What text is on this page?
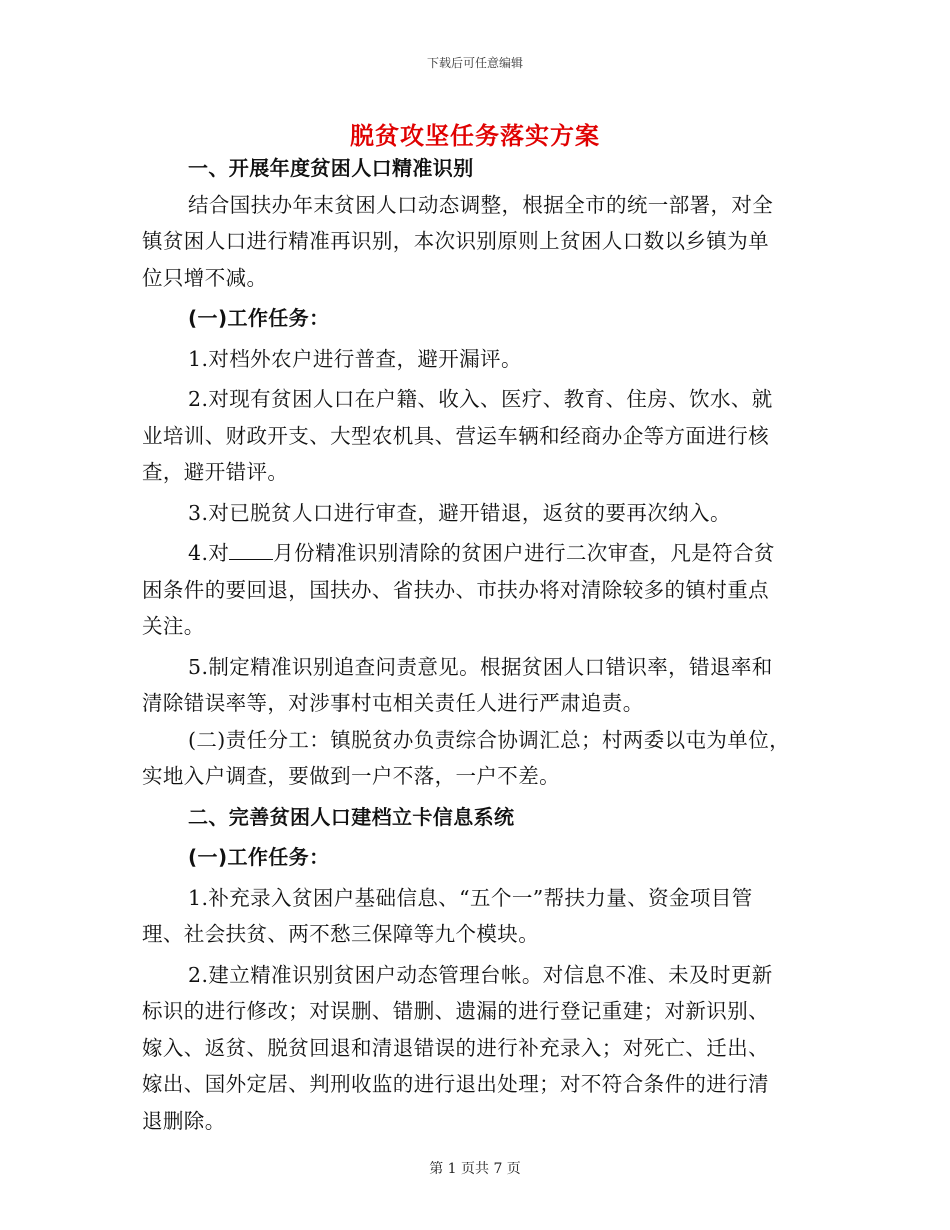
下载后可任意编辑
脱贫攻坚任务落实方案
一、开展年度贫困人口精准识别
结合国扶办年末贫困人口动态调整，根据全市的统一部署，对全
镇贫困人口进行精准再识别，本次识别原则上贫困人口数以乡镇为单
位只增不减。
(一)工作任务：
1.对档外农户进行普查，避开漏评。
2.对现有贫困人口在户籍、收入、医疗、教育、住房、饮水、就
业培训、财政开支、大型农机具、营运车辆和经商办企等方面进行核
查，避开错评。
3.对已脱贫人口进行审查，避开错退，返贫的要再次纳入。
4.对 月份精准识别清除的贫困户进行二次审查，凡是符合贫
困条件的要回退，国扶办、省扶办、市扶办将对清除较多的镇村重点
关注。
5.制定精准识别追查问责意见。根据贫困人口错识率，错退率和
清除错误率等，对涉事村屯相关责任人进行严肃追责。
(二)责任分工：镇脱贫办负责综合协调汇总；村两委以屯为单位，
实地入户调查，要做到一户不落，一户不差。
二、完善贫困人口建档立卡信息系统
(一)工作任务：
1.补充录入贫困户基础信息、“五个一”帮扶力量、资金项目管
理、社会扶贫、两不愁三保障等九个模块。
2.建立精准识别贫困户动态管理台帐。对信息不准、未及时更新
标识的进行修改；对误删、错删、遗漏的进行登记重建；对新识别、
嫁入、返贫、脱贫回退和清退错误的进行补充录入；对死亡、迁出、
嫁出、国外定居、判刑收监的进行退出处理；对不符合条件的进行清
退删除。
第 1 页共 7 页
